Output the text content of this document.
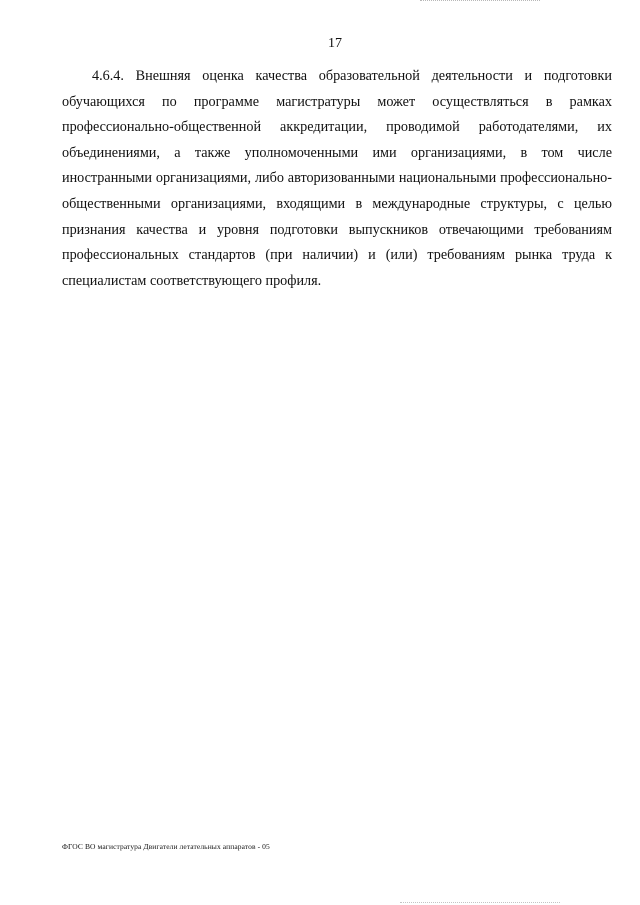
17

4.6.4. Внешняя оценка качества образовательной деятельности и подготовки обучающихся по программе магистратуры может осуществляться в рамках профессионально-общественной аккредитации, проводимой работодателями, их объединениями, а также уполномоченными ими организациями, в том числе иностранными организациями, либо авторизованными национальными профессионально-общественными организациями, входящими в международные структуры, с целью признания качества и уровня подготовки выпускников отвечающими требованиям профессиональных стандартов (при наличии) и (или) требованиям рынка труда к специалистам соответствующего профиля.

ФГОС ВО магистратура Двигатели летательных аппаратов - 05
